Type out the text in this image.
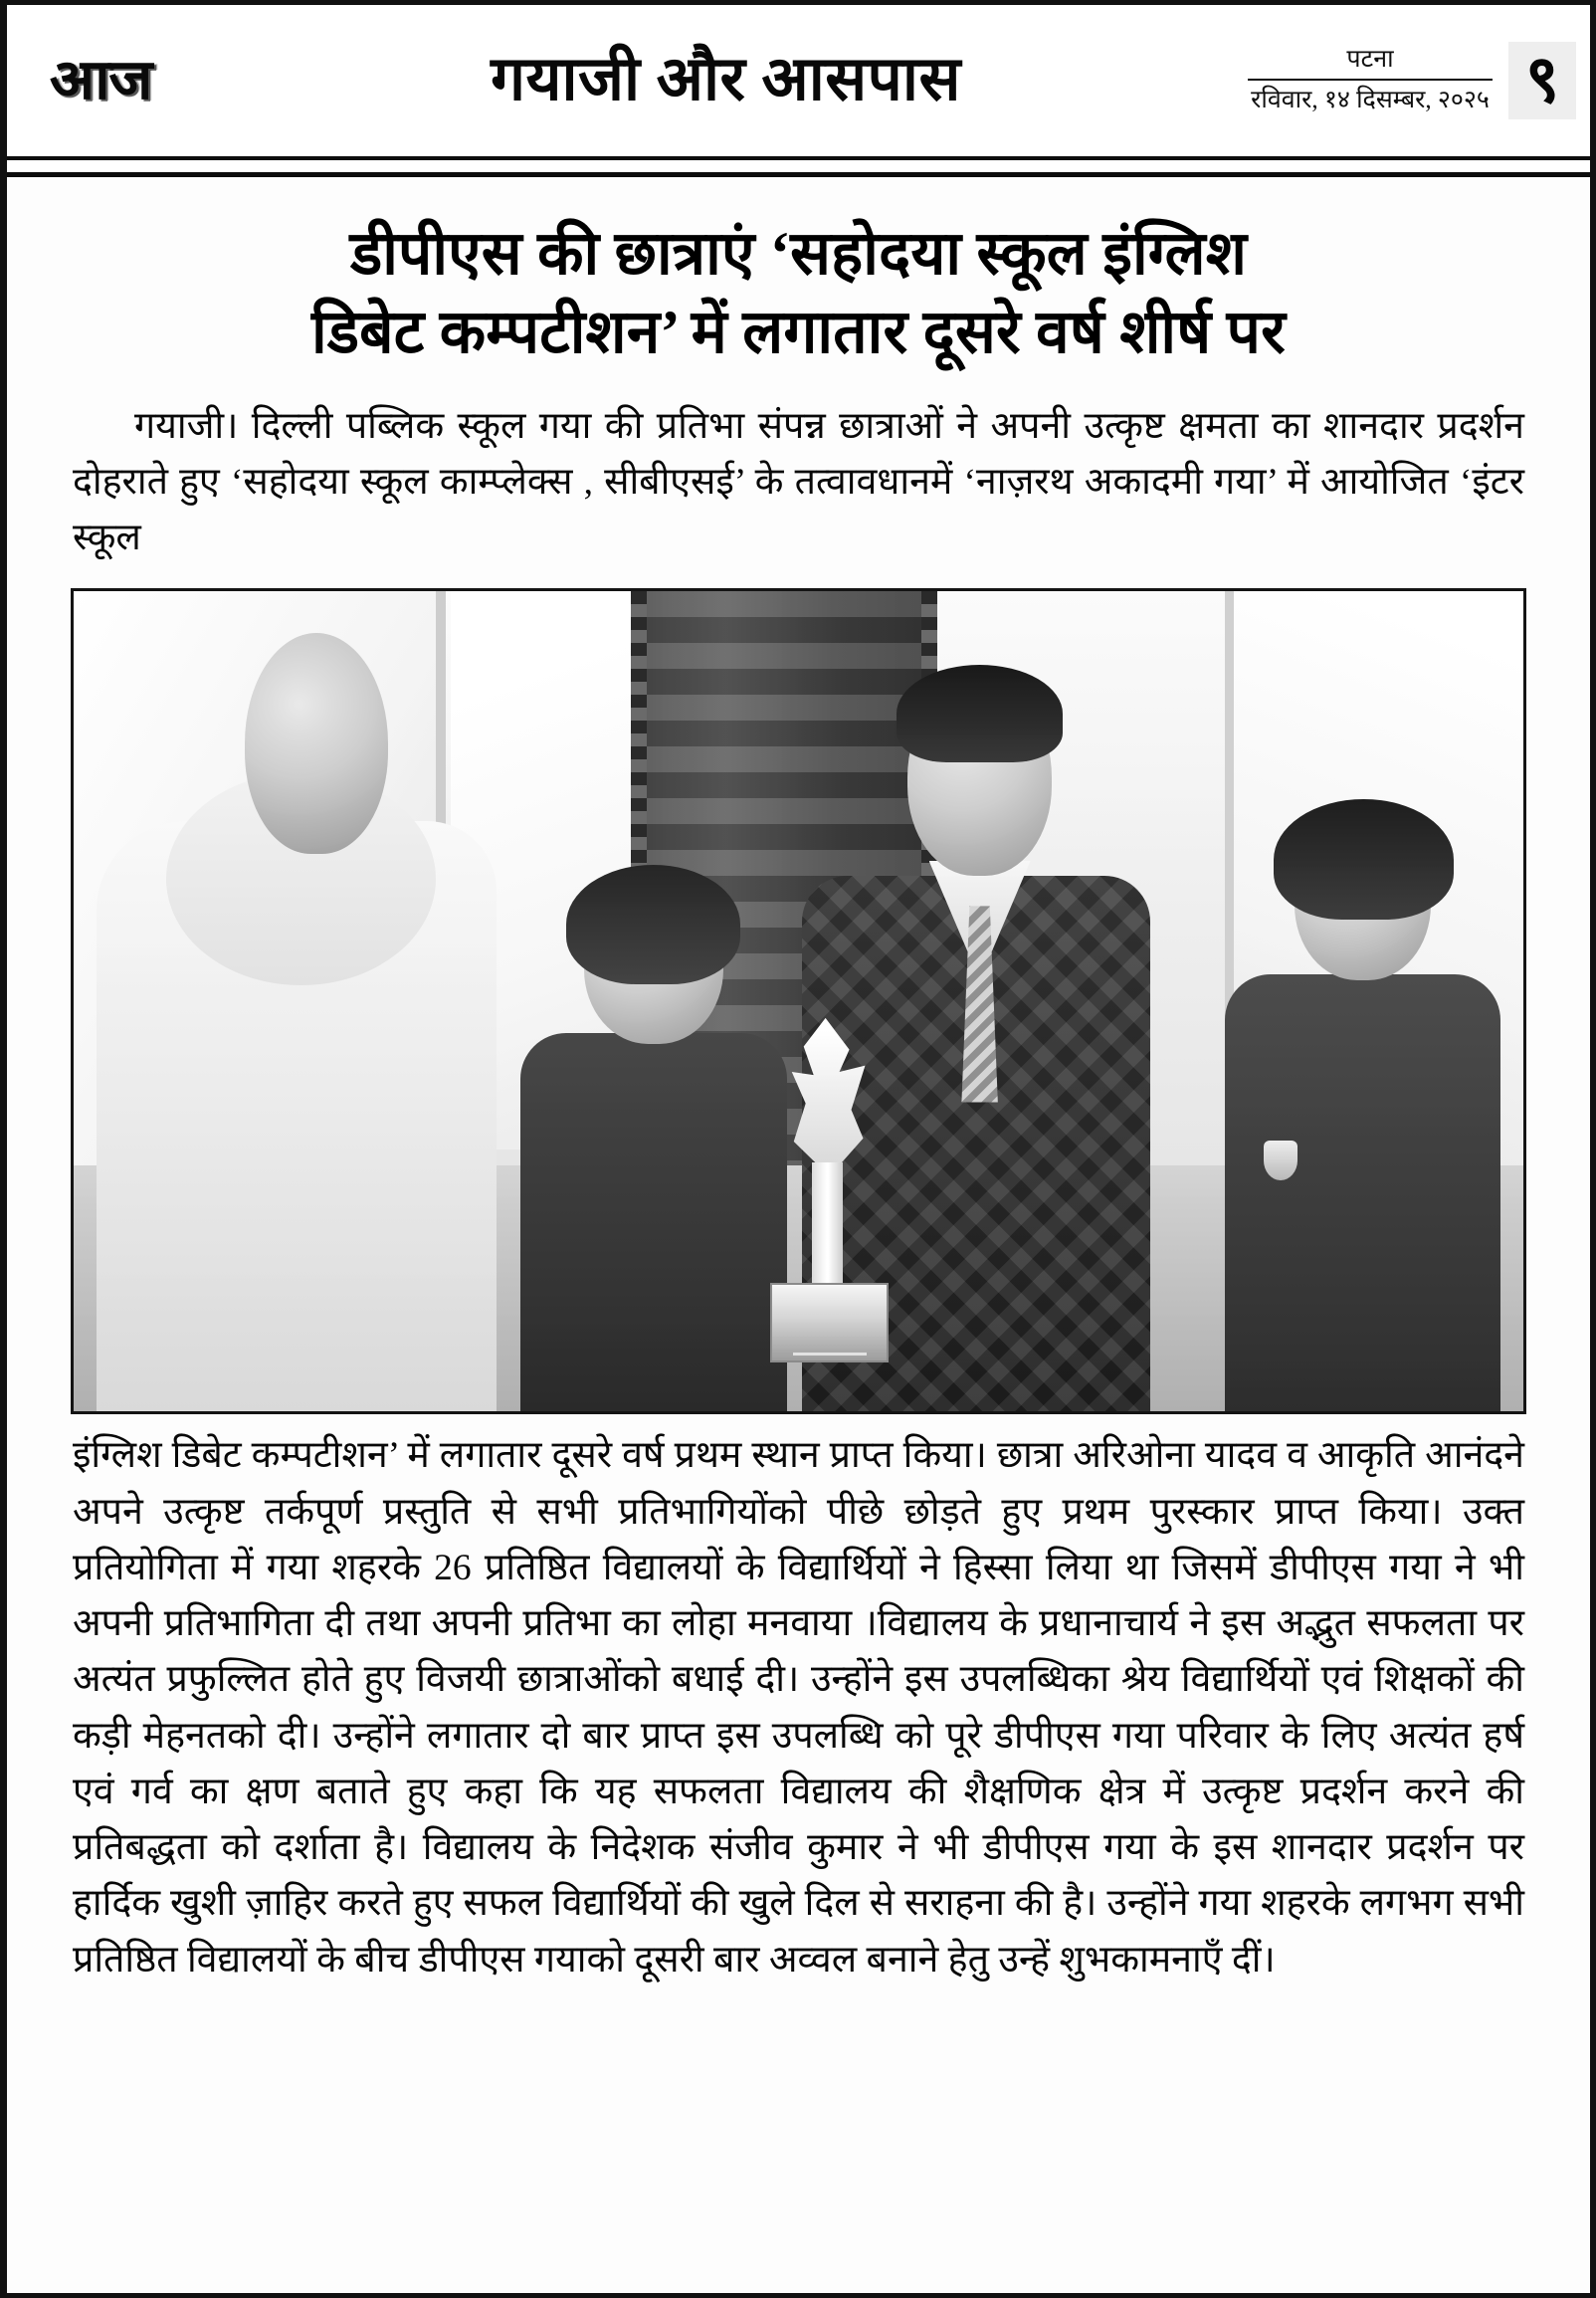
आज	गयाजी और आसपास	पटना
रविवार, १४ दिसम्बर, २०२५ ९
डीपीएस की छात्राएं ‘सहोदया स्कूल इंग्लिश
डिबेट कम्पटीशन’ में लगातार दूसरे वर्ष शीर्ष पर

गयाजी। दिल्ली पब्लिक स्कूल गया की प्रतिभा संपन्न छात्राओं ने अपनी उत्कृष्ट क्षमता का शानदार प्रदर्शन दोहराते हुए ‘सहोदया स्कूल काम्प्लेक्स , सीबीएसई’ के तत्वावधानमें ‘नाज़रथ अकादमी गया’ में आयोजित ‘इंटर स्कूल

इंग्लिश डिबेट कम्पटीशन’ में लगातार दूसरे वर्ष प्रथम स्थान प्राप्त किया। छात्रा अरिओना यादव व आकृति आनंदने अपने उत्कृष्ट तर्कपूर्ण प्रस्तुति से सभी प्रतिभागियोंको पीछे छोड़ते हुए प्रथम पुरस्कार प्राप्त किया। उक्त प्रतियोगिता में गया शहरके 26 प्रतिष्ठित विद्यालयों के विद्यार्थियों ने हिस्सा लिया था जिसमें डीपीएस गया ने भी अपनी प्रतिभागिता दी तथा अपनी प्रतिभा का लोहा मनवाया ।विद्यालय के प्रधानाचार्य ने इस अद्भुत सफलता पर अत्यंत प्रफुल्लित होते हुए विजयी छात्राओंको बधाई दी। उन्होंने इस उपलब्धिका श्रेय विद्यार्थियों एवं शिक्षकों की कड़ी मेहनतको दी। उन्होंने लगातार दो बार प्राप्त इस उपलब्धि को पूरे डीपीएस गया परिवार के लिए अत्यंत हर्ष एवं गर्व का क्षण बताते हुए कहा कि यह सफलता विद्यालय की शैक्षणिक क्षेत्र में उत्कृष्ट प्रदर्शन करने की प्रतिबद्धता को दर्शाता है। विद्यालय के निदेशक संजीव कुमार ने भी डीपीएस गया के इस शानदार प्रदर्शन पर हार्दिक खुशी ज़ाहिर करते हुए सफल विद्यार्थियों की खुले दिल से सराहना की है। उन्होंने गया शहरके लगभग सभी प्रतिष्ठित विद्यालयों के बीच डीपीएस गयाको दूसरी बार अव्वल बनाने हेतु उन्हें शुभकामनाएँ दीं।
